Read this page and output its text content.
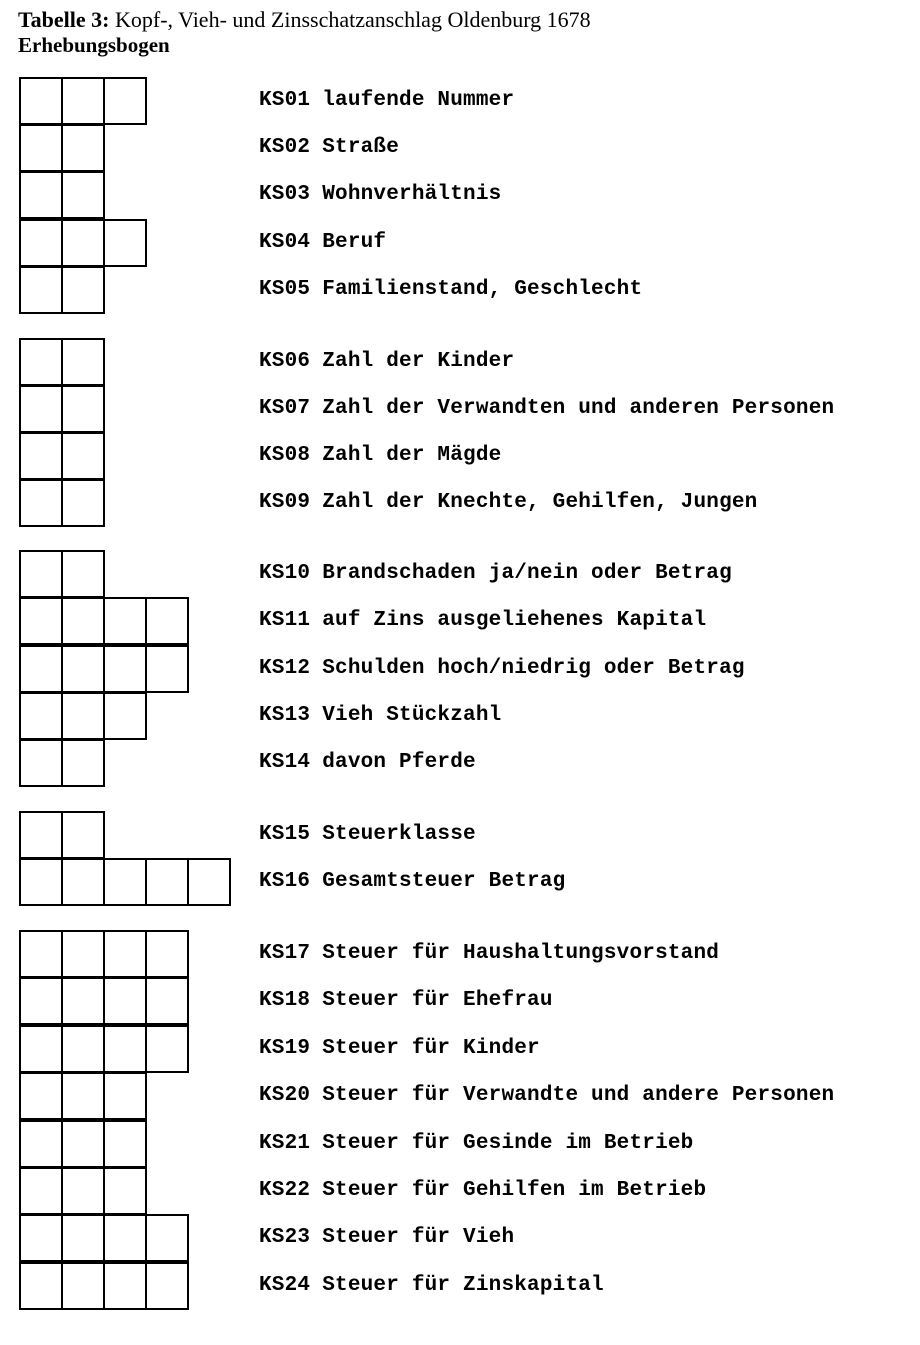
Tabelle 3: Kopf-, Vieh- und Zinsschatzanschlag Oldenburg 1678
Erhebungsbogen
KS01 laufende Nummer
KS02 Straße
KS03 Wohnverhältnis
KS04 Beruf
KS05 Familienstand, Geschlecht
KS06 Zahl der Kinder
KS07 Zahl der Verwandten und anderen Personen
KS08 Zahl der Mägde
KS09 Zahl der Knechte, Gehilfen, Jungen
KS10 Brandschaden ja/nein oder Betrag
KS11 auf Zins ausgeliehenes Kapital
KS12 Schulden hoch/niedrig oder Betrag
KS13 Vieh Stückzahl
KS14 davon Pferde
KS15 Steuerklasse
KS16 Gesamtsteuer Betrag
KS17 Steuer für Haushaltungsvorstand
KS18 Steuer für Ehefrau
KS19 Steuer für Kinder
KS20 Steuer für Verwandte und andere Personen
KS21 Steuer für Gesinde im Betrieb
KS22 Steuer für Gehilfen im Betrieb
KS23 Steuer für Vieh
KS24 Steuer für Zinskapital
